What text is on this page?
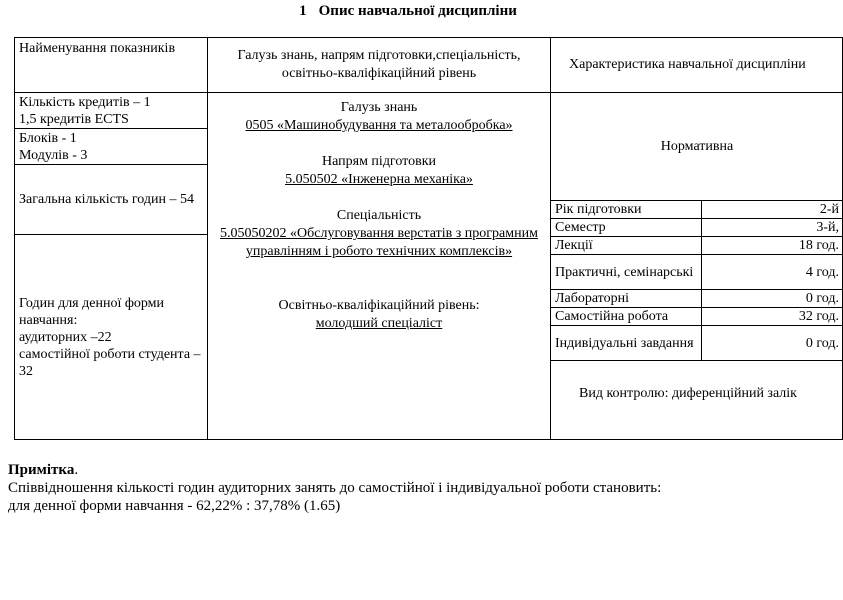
1 Опис навчальної дисципліни
Найменування показників	Галузь знань, напрям підготовки,спеціальність, освітньо-кваліфікаційний рівень	Характеристика навчальної дисципліни

Кількість кредитів – 1
1,5 кредитів ECTS

Блоків - 1
Модулів - 3

Загальна кількість годин – 54

Годин для денної форми навчання:
аудиторних –22
самостійної роботи студента – 32

Галузь знань

0505 «Машинобудування та металообробка»

Напрям підготовки

5.050502 «Інженерна механіка»

Спеціальність

5.05050202 «Обслуговування верстатів з програмним управлінням і робото технічних комплексів»

Освітньо-кваліфікаційний рівень:

молодший спеціаліст

Нормативна
Рік підготовки	2-й
Семестр	3-й,
Лекції	18 год.
Практичні, семінарські	4 год.
Лабораторні	0 год.
Самостійна робота	32 год.
Індивідуальні завдання	0 год.
Вид контролю: диференційний залік

Примітка.

Співвідношення кількості годин аудиторних занять до самостійної і індивідуальної роботи становить:

для денної форми навчання - 62,22% : 37,78% (1.65)
